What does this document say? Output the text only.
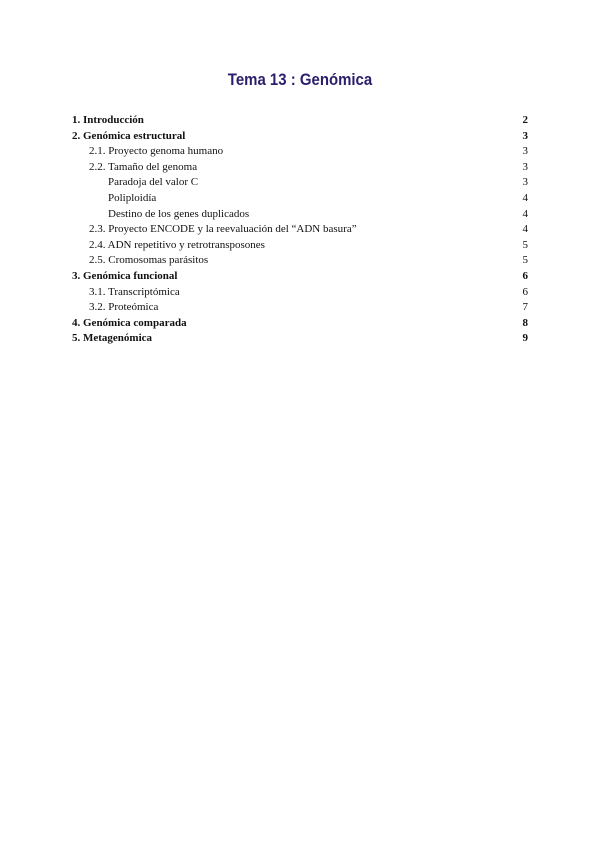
Tema 13 : Genómica
1. Introducción	2
2. Genómica estructural	3
2.1. Proyecto genoma humano	3
2.2. Tamaño del genoma	3
Paradoja del valor C	3
Poliploidía	4
Destino de los genes duplicados	4
2.3. Proyecto ENCODE y la reevaluación del “ADN basura”	4
2.4. ADN repetitivo y retrotransposones	5
2.5. Cromosomas parásitos	5
3. Genómica funcional	6
3.1. Transcriptómica	6
3.2. Proteómica	7
4. Genómica comparada	8
5. Metagenómica	9
